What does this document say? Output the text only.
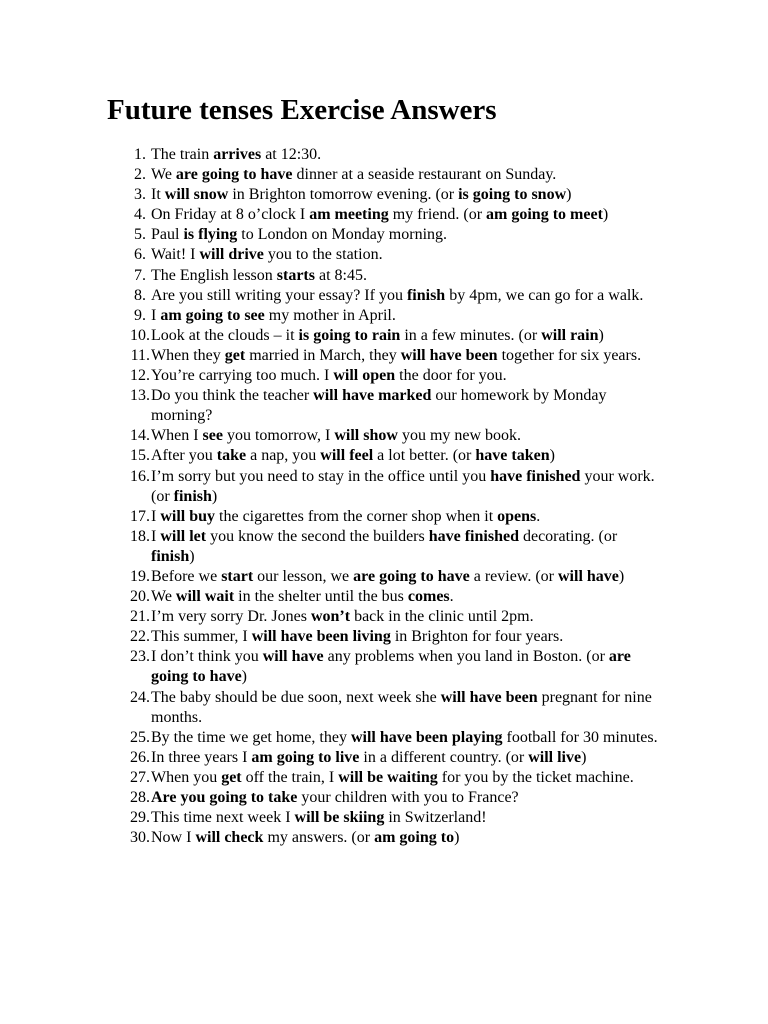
Future tenses Exercise Answers
1. The train arrives at 12:30.
2. We are going to have dinner at a seaside restaurant on Sunday.
3. It will snow in Brighton tomorrow evening. (or is going to snow)
4. On Friday at 8 o’clock I am meeting my friend. (or am going to meet)
5. Paul is flying to London on Monday morning.
6. Wait! I will drive you to the station.
7. The English lesson starts at 8:45.
8. Are you still writing your essay? If you finish by 4pm, we can go for a walk.
9. I am going to see my mother in April.
10. Look at the clouds – it is going to rain in a few minutes. (or will rain)
11. When they get married in March, they will have been together for six years.
12. You’re carrying too much. I will open the door for you.
13. Do you think the teacher will have marked our homework by Monday morning?
14. When I see you tomorrow, I will show you my new book.
15. After you take a nap, you will feel a lot better. (or have taken)
16. I’m sorry but you need to stay in the office until you have finished your work. (or finish)
17. I will buy the cigarettes from the corner shop when it opens.
18. I will let you know the second the builders have finished decorating. (or finish)
19. Before we start our lesson, we are going to have a review. (or will have)
20. We will wait in the shelter until the bus comes.
21. I’m very sorry Dr. Jones won’t back in the clinic until 2pm.
22. This summer, I will have been living in Brighton for four years.
23. I don’t think you will have any problems when you land in Boston. (or are going to have)
24. The baby should be due soon, next week she will have been pregnant for nine months.
25. By the time we get home, they will have been playing football for 30 minutes.
26. In three years I am going to live in a different country. (or will live)
27. When you get off the train, I will be waiting for you by the ticket machine.
28. Are you going to take your children with you to France?
29. This time next week I will be skiing in Switzerland!
30. Now I will check my answers. (or am going to)
